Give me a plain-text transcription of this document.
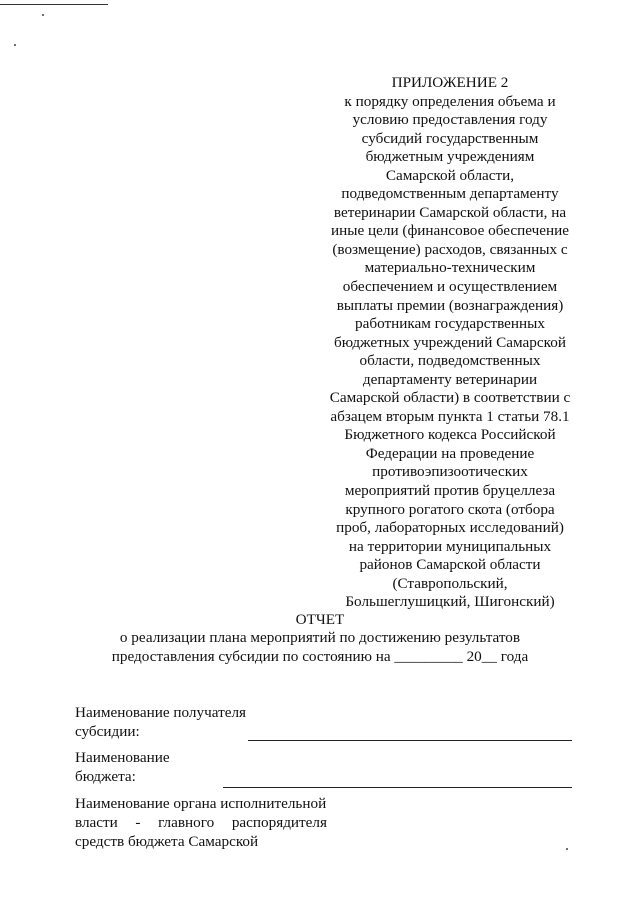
ПРИЛОЖЕНИЕ 2
к порядку определения объема и
условию предоставления году
субсидий государственным
бюджетным учреждениям
Самарской области,
подведомственным департаменту
ветеринарии Самарской области, на
иные цели (финансовое обеспечение
(возмещение) расходов, связанных с
материально-техническим
обеспечением и осуществлением
выплаты премии (вознаграждения)
работникам государственных
бюджетных учреждений Самарской
области, подведомственных
департаменту ветеринарии
Самарской области) в соответствии с
абзацем вторым пункта 1 статьи 78.1
Бюджетного кодекса Российской
Федерации на проведение
противоэпизоотических
мероприятий против бруцеллеза
крупного рогатого скота (отбора
проб, лабораторных исследований)
на территории муниципальных
районов Самарской области
(Ставропольский,
Большеглушицкий, Шигонский)
ОТЧЕТ
о реализации плана мероприятий по достижению результатов
предоставления субсидии по состоянию на _________ 20__ года
Наименование получателя
субсидии:
Наименование
бюджета:
Наименование органа исполнительной
власти - главного распорядителя
средств бюджета Самарской
